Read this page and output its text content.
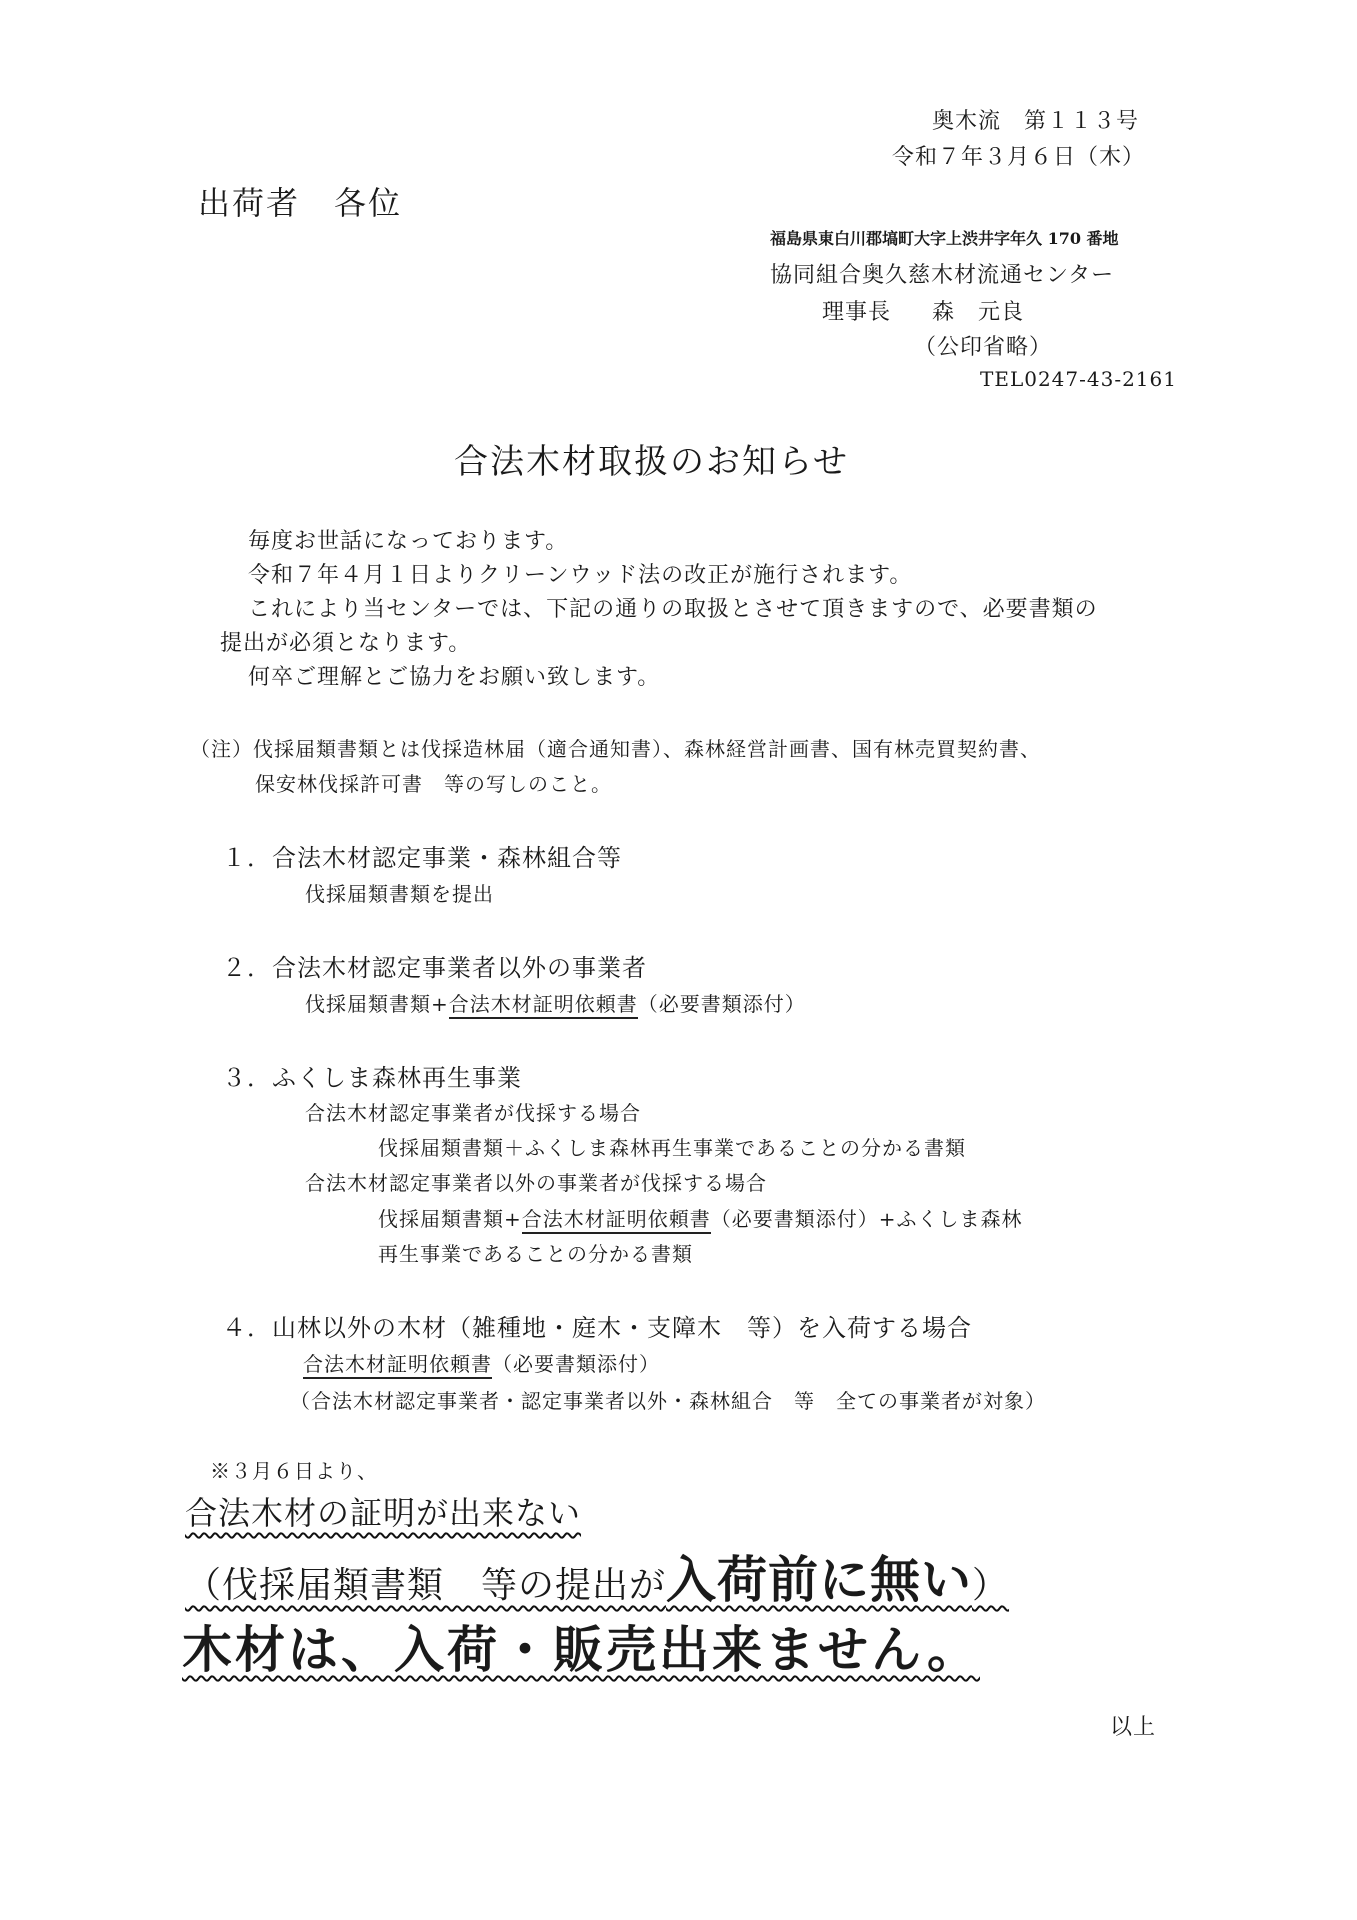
奥木流　第１１３号
令和７年３月６日（木）
出荷者　各位
福島県東白川郡塙町大字上渋井字年久 170 番地
協同組合奥久慈木材流通センター
理事長 森　元良
（公印省略）
TEL0247-43-2161
合法木材取扱のお知らせ
毎度お世話になっております。
令和７年４月１日よりクリーンウッド法の改正が施行されます。
これにより当センターでは、下記の通りの取扱とさせて頂きますので、必要書類の
提出が必須となります。
何卒ご理解とご協力をお願い致します。
（注）伐採届類書類とは伐採造林届（適合通知書）、森林経営計画書、国有林売買契約書、
保安林伐採許可書　等の写しのこと。
１．合法木材認定事業・森林組合等
伐採届類書類を提出
２．合法木材認定事業者以外の事業者
伐採届類書類+合法木材証明依頼書（必要書類添付）
３．ふくしま森林再生事業
合法木材認定事業者が伐採する場合
伐採届類書類＋ふくしま森林再生事業であることの分かる書類
合法木材認定事業者以外の事業者が伐採する場合
伐採届類書類+合法木材証明依頼書（必要書類添付）+ふくしま森林
再生事業であることの分かる書類
４．山林以外の木材（雑種地・庭木・支障木　等）を入荷する場合
合法木材証明依頼書（必要書類添付）
（合法木材認定事業者・認定事業者以外・森林組合　等　全ての事業者が対象）
※３月６日より、
合法木材の証明が出来ない
（伐採届類書類　等の提出が入荷前に無い）
木材は、入荷・販売出来ません。
以上
